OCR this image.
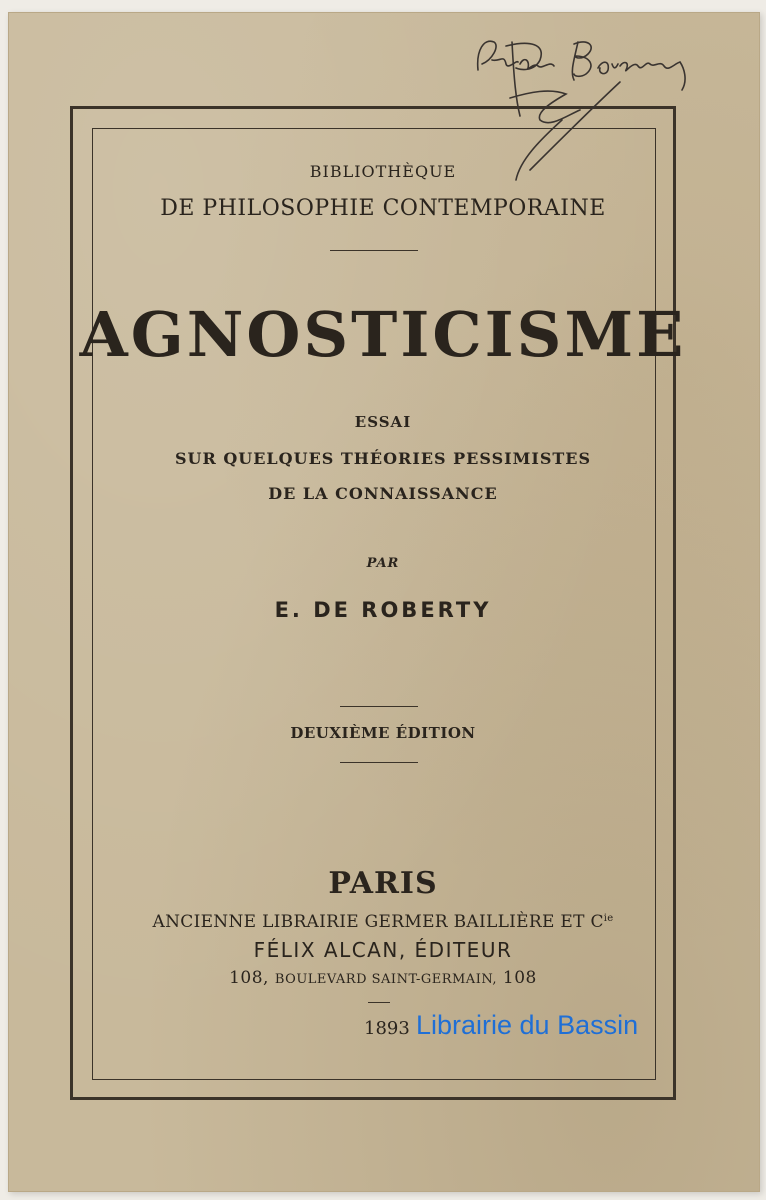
BIBLIOTHÈQUE
DE PHILOSOPHIE CONTEMPORAINE
AGNOSTICISME
ESSAI
SUR QUELQUES THÉORIES PESSIMISTES
DE LA CONNAISSANCE
PAR
E. DE ROBERTY
DEUXIÈME ÉDITION
PARIS
ANCIENNE LIBRAIRIE GERMER BAILLIÈRE ET $C^{ie}$
FÉLIX ALCAN, ÉDITEUR
108, BOULEVARD SAINT-GERMAIN, 108
1893 Librairie du Bassin
